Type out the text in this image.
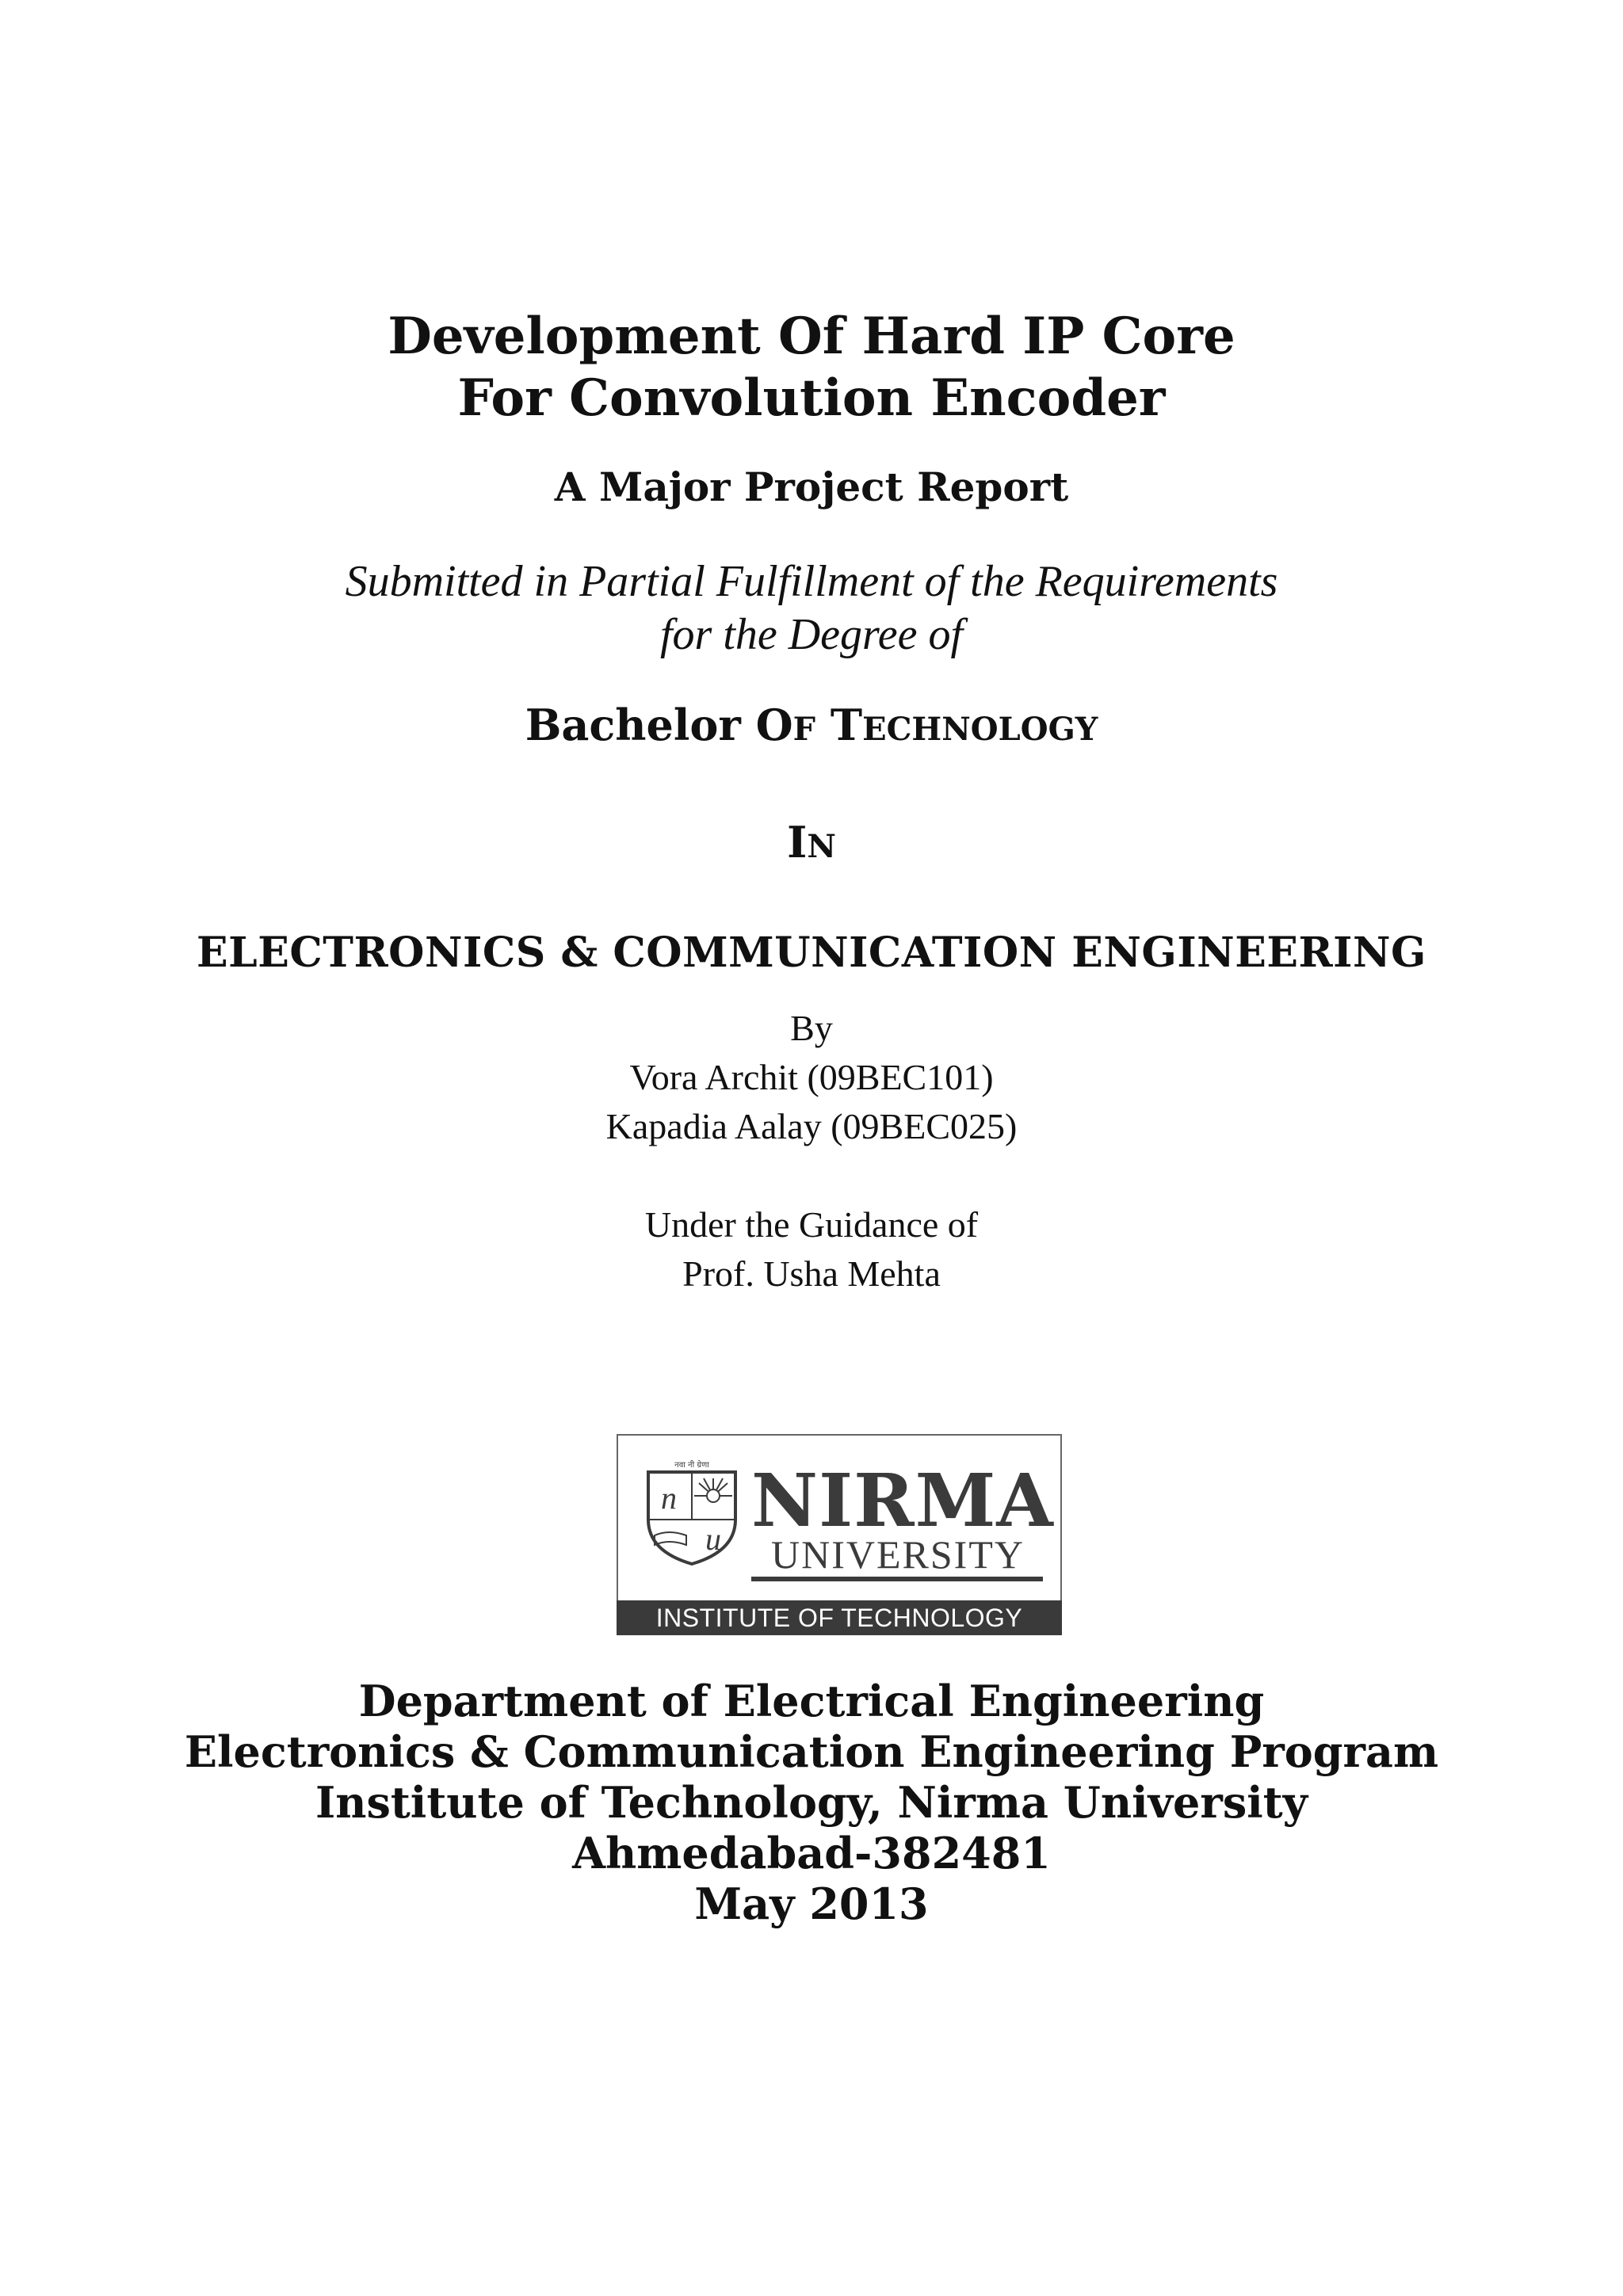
Development Of Hard IP Core
For Convolution Encoder
A Major Project Report
Submitted in Partial Fulfillment of the Requirements
for the Degree of
Bachelor OF TECHNOLOGY
IN
ELECTRONICS & COMMUNICATION ENGINEERING
By
Vora Archit (09BEC101)
Kapadia Aalay (09BEC025)
Under the Guidance of
Prof. Usha Mehta
n
u
नवा नी ग्रेणा NIRMA
UNIVERSITY
INSTITUTE OF TECHNOLOGY
Department of Electrical Engineering
Electronics & Communication Engineering Program
Institute of Technology, Nirma University
Ahmedabad-382481
May 2013
